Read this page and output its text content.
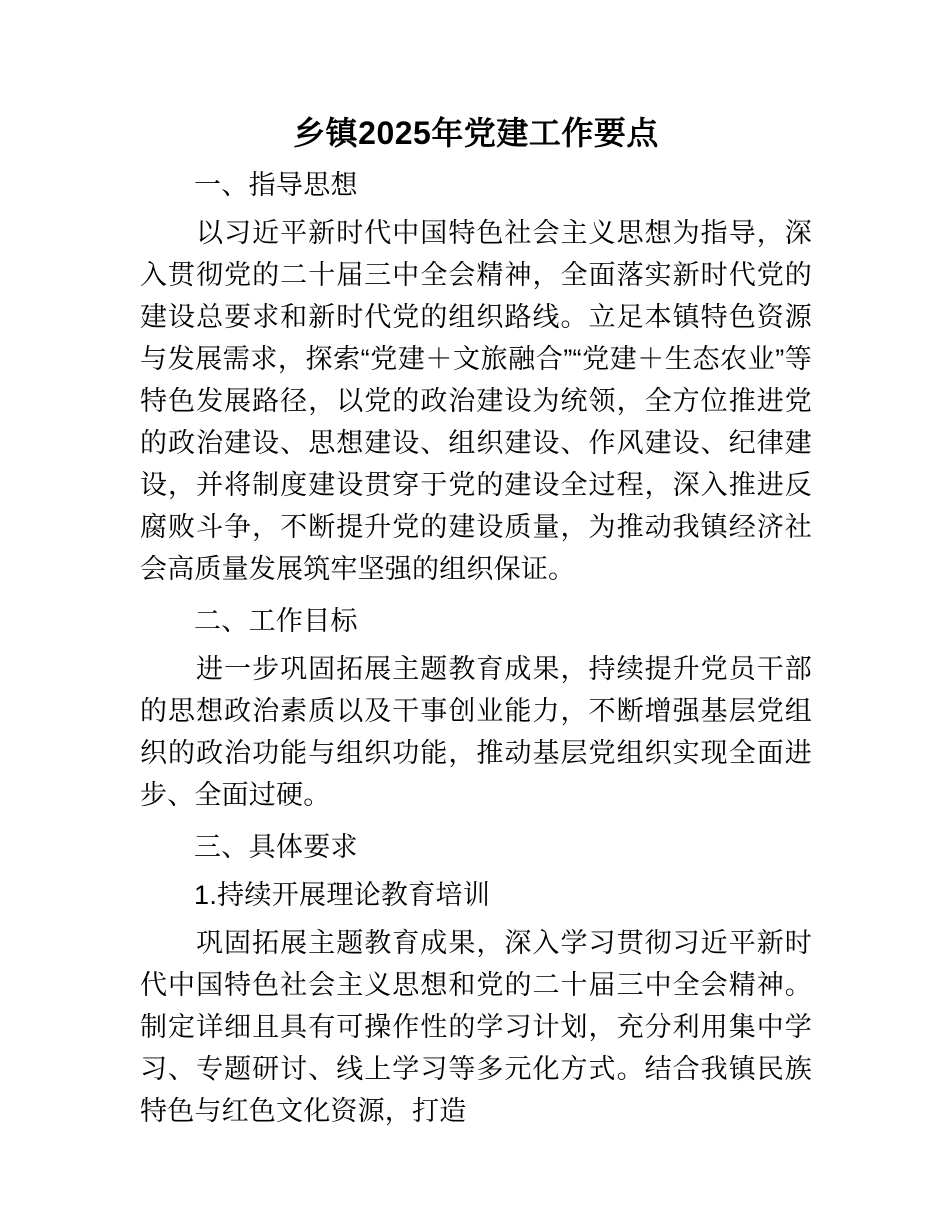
乡镇2025年党建工作要点
一、指导思想

以习近平新时代中国特色社会主义思想为指导，深入贯彻党的二十届三中全会精神，全面落实新时代党的建设总要求和新时代党的组织路线。立足本镇特色资源与发展需求，探索“党建＋文旅融合”“党建＋生态农业”等特色发展路径，以党的政治建设为统领，全方位推进党的政治建设、思想建设、组织建设、作风建设、纪律建设，并将制度建设贯穿于党的建设全过程，深入推进反腐败斗争，不断提升党的建设质量，为推动我镇经济社会高质量发展筑牢坚强的组织保证。

二、工作目标

进一步巩固拓展主题教育成果，持续提升党员干部的思想政治素质以及干事创业能力，不断增强基层党组织的政治功能与组织功能，推动基层党组织实现全面进步、全面过硬。

三、具体要求
1.持续开展理论教育培训

巩固拓展主题教育成果，深入学习贯彻习近平新时代中国特色社会主义思想和党的二十届三中全会精神。制定详细且具有可操作性的学习计划，充分利用集中学习、专题研讨、线上学习等多元化方式。结合我镇民族特色与红色文化资源，打造
